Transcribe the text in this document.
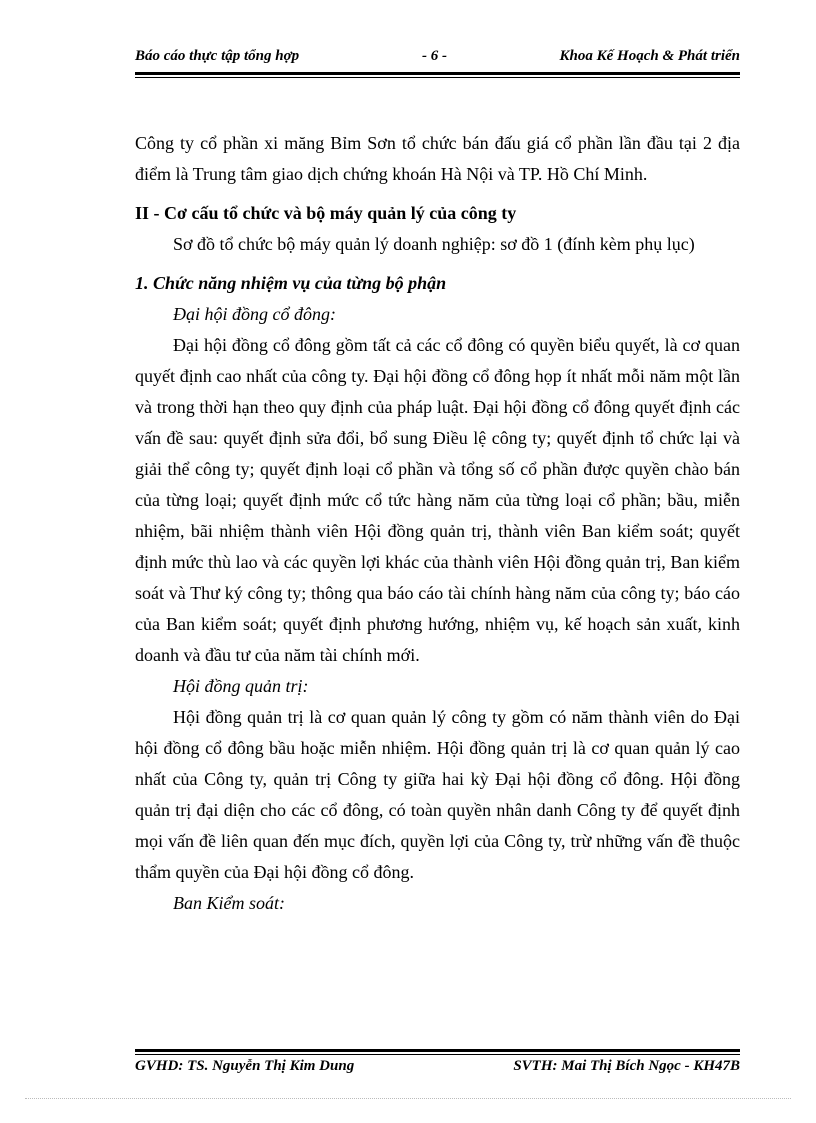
Báo cáo thực tập tổng hợp	- 6 -	Khoa Kế Hoạch & Phát triển

Công ty cổ phần xi măng Bỉm Sơn tổ chức bán đấu giá cổ phần lần đầu tại 2 địa điểm là Trung tâm giao dịch chứng khoán Hà Nội và TP. Hồ Chí Minh.

II - Cơ cấu tổ chức và bộ máy quản lý của công ty

Sơ đồ tổ chức bộ máy quản lý doanh nghiệp: sơ đồ 1 (đính kèm phụ lục)

1. Chức năng nhiệm vụ của từng bộ phận

Đại hội đồng cổ đông:

Đại hội đồng cổ đông gồm tất cả các cổ đông có quyền biểu quyết, là cơ quan quyết định cao nhất của công ty. Đại hội đồng cổ đông họp ít nhất mỗi năm một lần và trong thời hạn theo quy định của pháp luật. Đại hội đồng cổ đông quyết định các vấn đề sau: quyết định sửa đổi, bổ sung Điều lệ công ty; quyết định tổ chức lại và giải thể công ty; quyết định loại cổ phần và tổng số cổ phần được quyền chào bán của từng loại; quyết định mức cổ tức hàng năm của từng loại cổ phần; bầu, miễn nhiệm, bãi nhiệm thành viên Hội đồng quản trị, thành viên Ban kiểm soát; quyết định mức thù lao và các quyền lợi khác của thành viên Hội đồng quản trị, Ban kiểm soát và Thư ký công ty; thông qua báo cáo tài chính hàng năm của công ty; báo cáo của Ban kiểm soát; quyết định phương hướng, nhiệm vụ, kế hoạch sản xuất, kinh doanh và đầu tư của năm tài chính mới.

Hội đồng quản trị:

Hội đồng quản trị là cơ quan quản lý công ty gồm có năm thành viên do Đại hội đồng cổ đông bầu hoặc miễn nhiệm. Hội đồng quản trị là cơ quan quản lý cao nhất của Công ty, quản trị Công ty giữa hai kỳ Đại hội đồng cổ đông. Hội đồng quản trị đại diện cho các cổ đông, có toàn quyền nhân danh Công ty để quyết định mọi vấn đề liên quan đến mục đích, quyền lợi của Công ty, trừ những vấn đề thuộc thẩm quyền của Đại hội đồng cổ đông.

Ban Kiểm soát:

GVHD: TS. Nguyễn Thị Kim Dung	SVTH: Mai Thị Bích Ngọc - KH47B
